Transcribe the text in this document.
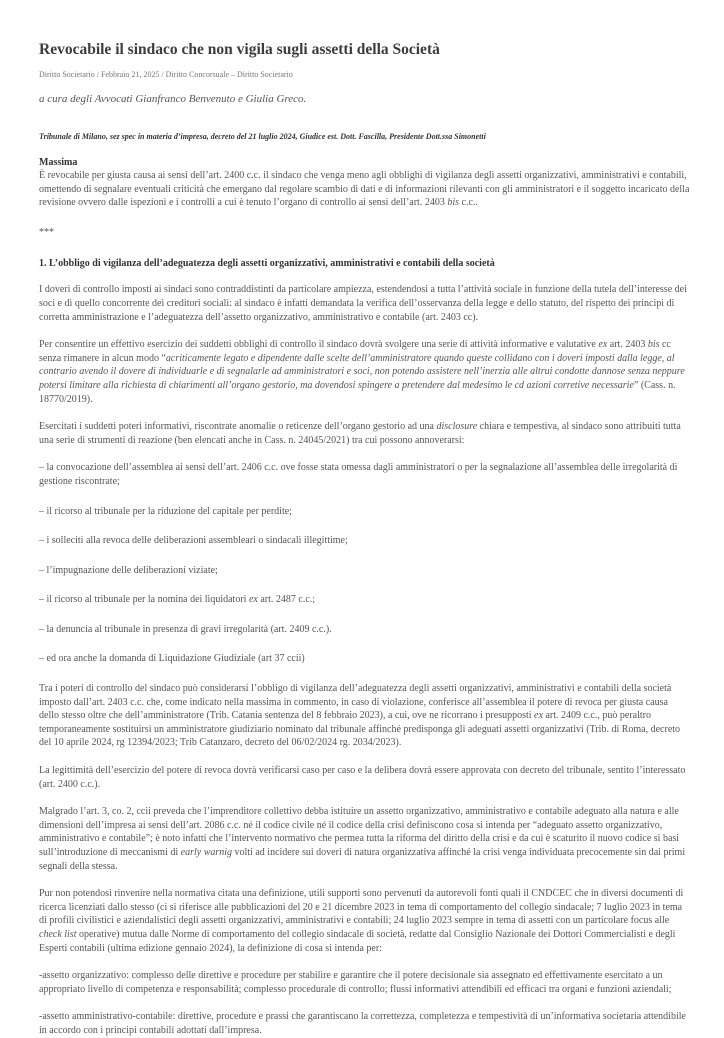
Revocabile il sindaco che non vigila sugli assetti della Società
Diritto Societario / Febbraio 21, 2025 / Diritto Concorsuale – Diritto Societario
a cura degli Avvocati Gianfranco Benvenuto e Giulia Greco.
Tribunale di Milano, sez spec in materia d’impresa, decreto del 21 luglio 2024, Giudice est. Dott. Fascilla, Presidente Dott.ssa Simonetti
Massima

È revocabile per giusta causa ai sensi dell’art. 2400 c.c. il sindaco che venga meno agli obblighi di vigilanza degli assetti organizzativi, amministrativi e contabili, omettendo di segnalare eventuali criticità che emergano dal regolare scambio di dati e di informazioni rilevanti con gli amministratori e il soggetto incaricato della revisione ovvero dalle ispezioni e i controlli a cui è tenuto l’organo di controllo ai sensi dell’art. 2403 bis c.c..

***

1. L’obbligo di vigilanza dell’adeguatezza degli assetti organizzativi, amministrativi e contabili della società

I doveri di controllo imposti ai sindaci sono contraddistinti da particolare ampiezza, estendendosi a tutta l’attività sociale in funzione della tutela dell’interesse dei soci e di quello concorrente dei creditori sociali: al sindaco è infatti demandata la verifica dell’osservanza della legge e dello statuto, del rispetto dei principi di corretta amministrazione e l’adeguatezza dell’assetto organizzativo, amministrativo e contabile (art. 2403 cc).

Per consentire un effettivo esercizio dei suddetti obblighi di controllo il sindaco dovrà svolgere una serie di attività informative e valutative ex art. 2403 bis cc senza rimanere in alcun modo “acriticamente legato e dipendente dalle scelte dell’amministratore quando queste collidano con i doveri imposti dalla legge, al contrario avendo il dovere di individuarle e di segnalarle ad amministratori e soci, non potendo assistere nell’inerzia alle altrui condotte dannose senza neppure potersi limitare alla richiesta di chiarimenti all’organo gestorio, ma dovendosi spingere a pretendere dal medesimo le cd azioni corretive necessarie” (Cass. n. 18770/2019).

Esercitati i suddetti poteri informativi, riscontrate anomalie o reticenze dell’organo gestorio ad una disclosure chiara e tempestiva, al sindaco sono attribuiti tutta una serie di strumenti di reazione (ben elencati anche in Cass. n. 24045/2021) tra cui possono annoverarsi:

– la convocazione dell’assemblea ai sensi dell’art. 2406 c.c. ove fosse stata omessa dagli amministratori o per la segnalazione all’assemblea delle irregolarità di gestione riscontrate;

– il ricorso al tribunale per la riduzione del capitale per perdite;

– i solleciti alla revoca delle deliberazioni assembleari o sindacali illegittime;

– l’impugnazione delle deliberazioni viziate;

– il ricorso al tribunale per la nomina dei liquidatori ex art. 2487 c.c.;

– la denuncia al tribunale in presenza di gravi irregolarità (art. 2409 c.c.).

– ed ora anche la domanda di Liquidazione Giudiziale (art 37 ccii)

Tra i poteri di controllo del sindaco può considerarsi l’obbligo di vigilanza dell’adeguatezza degli assetti organizzativi, amministrativi e contabili della società imposto dall’art. 2403 c.c. che, come indicato nella massima in commento, in caso di violazione, conferisce all’assemblea il potere di revoca per giusta causa dello stesso oltre che dell’amministratore (Trib. Catania sentenza del 8 febbraio 2023), a cui, ove ne ricorrano i presupposti ex art. 2409 c.c., può peraltro temporaneamente sostituirsi un amministratore giudiziario nominato dal tribunale affinché predisponga gli adeguati assetti organizzativi (Trib. di Roma, decreto del 10 aprile 2024, rg 12394/2023; Trib Catanzaro, decreto del 06/02/2024 rg. 2034/2023).

La legittimità dell’esercizio del potere di revoca dovrà verificarsi caso per caso e la delibera dovrà essere approvata con decreto del tribunale, sentito l’interessato (art. 2400 c.c.).

Malgrado l’art. 3, co. 2, ccii preveda che l’imprenditore collettivo debba istituire un assetto organizzativo, amministrativo e contabile adeguato alla natura e alle dimensioni dell’impresa ai sensi dell’art. 2086 c.c. né il codice civile né il codice della crisi definiscono cosa si intenda per “adeguato assetto organizzativo, amministrativo e contabile”; è noto infatti che l’intervento normativo che permea tutta la riforma del diritto della crisi e da cui è scaturito il nuovo codice si basi sull’introduzione di meccanismi di early warnig volti ad incidere sui doveri di natura organizzativa affinché la crisi venga individuata precocemente sin dai primi segnali della stessa.

Pur non potendosi rinvenire nella normativa citata una definizione, utili supporti sono pervenuti da autorevoli fonti quali il CNDCEC che in diversi documenti di ricerca licenziati dallo stesso (ci si riferisce alle pubblicazioni del 20 e 21 dicembre 2023 in tema di comportamento del collegio sindacale; 7 luglio 2023 in tema di profili civilistici e aziendalistici degli assetti organizzativi, amministrativi e contabili; 24 luglio 2023 sempre in tema di assetti con un particolare focus alle check list operative) mutua dalle Norme di comportamento del collegio sindacale di società, redatte dal Consiglio Nazionale dei Dottori Commercialisti e degli Esperti contabili (ultima edizione gennaio 2024), la definizione di cosa si intenda per:

-assetto organizzativo: complesso delle direttive e procedure per stabilire e garantire che il potere decisionale sia assegnato ed effettivamente esercitato a un appropriato livello di competenza e responsabilità; complesso procedurale di controllo; flussi informativi attendibili ed efficaci tra organi e funzioni aziendali;

-assetto amministrativo-contabile: direttive, procedure e prassi che garantiscano la correttezza, completezza e tempestività di un’informativa societaria attendibile in accordo con i principi contabili adottati dall’impresa.
